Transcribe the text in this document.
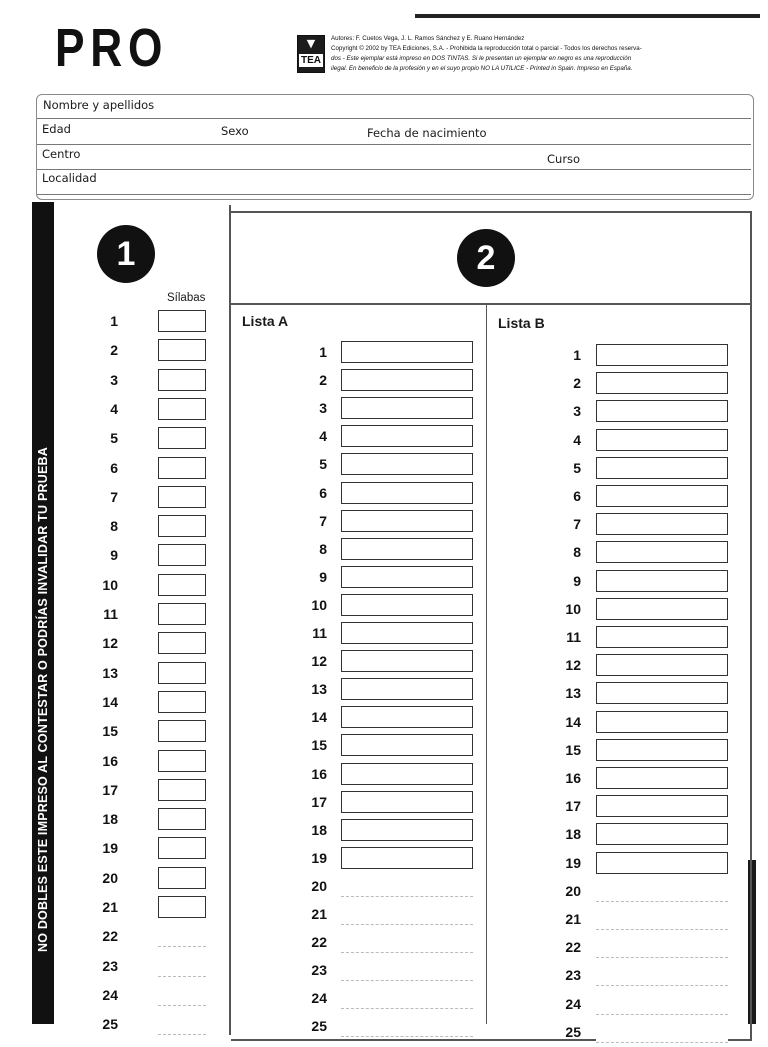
PRO	▼
TEA

Autores: F. Cuetos Vega, J. L. Ramos Sánchez y E. Ruano Hernández

Copyright © 2002 by TEA Ediciones, S.A. - Prohibida la reproducción total o parcial - Todos los derechos reserva-

dos - Este ejemplar está impreso en DOS TINTAS. Si le presentan un ejemplar en negro es una reproducción

ilegal. En beneficio de la profesión y en el suyo propio NO LA UTILICE - Printed in Spain. Impreso en España.

Nombre y apellidos
Edad	Sexo	Fecha de nacimiento
Centro	Curso
Localidad
NO DOBLES ESTE IMPRESO AL CONTESTAR O PODRÍAS INVALIDAR TU PRUEBA
1	2
Sílabas
Lista A	Lista B
1
2
3
4
5
6
7
8
9
10
11
12
13
14
15
16
17
18
19
20
21
22
23
24
25
1
2
3
4
5
6
7
8
9
10
11
12
13
14
15
16
17
18
19
20
21
22
23
24
25
1
2
3
4
5
6
7
8
9
10
11
12
13
14
15
16
17
18
19
20
21
22
23
24
25
